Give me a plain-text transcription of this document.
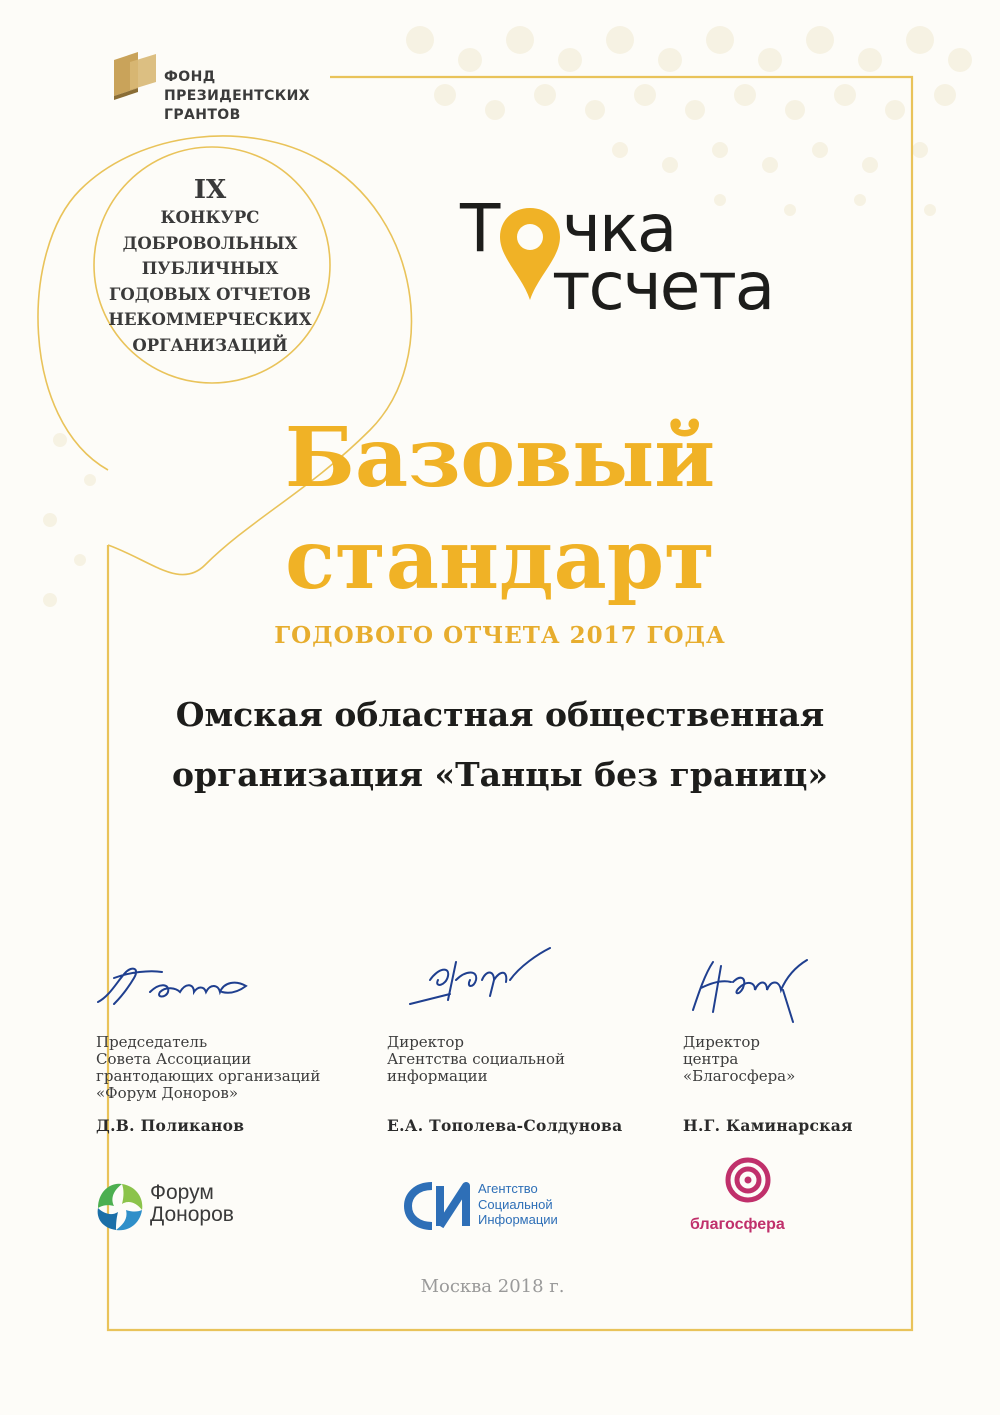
ФОНД
ПРЕЗИДЕНТСКИХ
ГРАНТОВ
IX
КОНКУРС
ДОБРОВОЛЬНЫХ
ПУБЛИЧНЫХ
ГОДОВЫХ ОТЧЕТОВ
НЕКОММЕРЧЕСКИХ
ОРГАНИЗАЦИЙ
Т чка
тсчета
Базовый
стандарт
ГОДОВОГО ОТЧЕТА 2017 ГОДА
Омская областная общественная
организация «Танцы без границ»
Председатель
Совета Ассоциации
грантодающих организаций
«Форум Доноров»
Директор
Агентства социальной
информации
Директор
центра
«Благосфера»
Д.В. Поликанов	Е.А. Тополева-Солдунова	Н.Г. Каминарская
Форум
Доноров
Агентство
Социальной
Информации	благосфера
Москва 2018 г.
